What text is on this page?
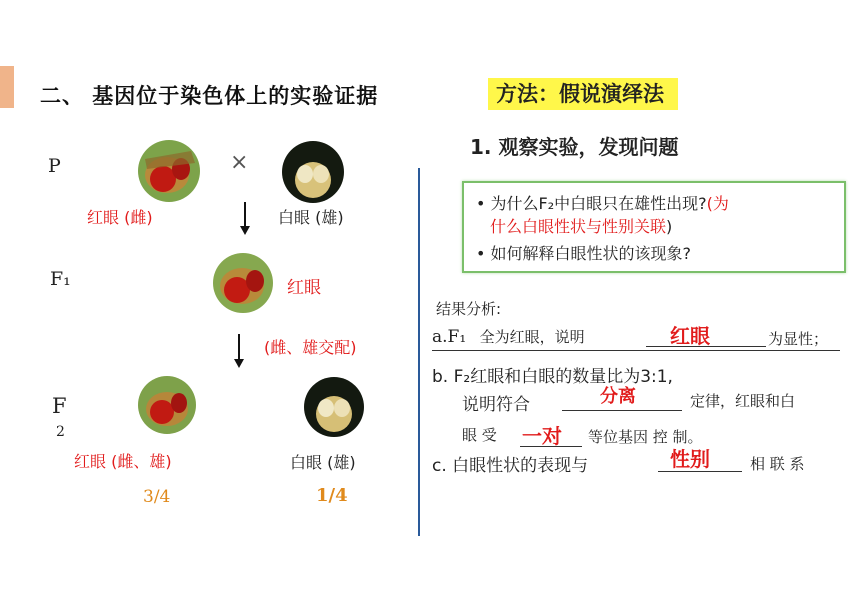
二、 基因位于染色体上的实验证据	方法：假说演绎法
P	×
红眼 (雌)	白眼 (雄)
F₁	红眼
(雌、雄交配)
F
2
红眼 (雌、雄)	白眼 (雄)
3/4	1/4
1. 观察实验，发现问题
• 为什么F₂中白眼只在雄性出现?(为
什么白眼性状与性别关联)
• 如何解释白眼性状的该现象?
结果分析:
a.F₁ 全为红眼，说明	红眼	为显性；
b. F₂红眼和白眼的数量比为3:1,
说明符合	分离	定律，红眼和白
眼 受 一对 等位基因 控 制。
c. 白眼性状的表现与	性别	相 联 系
